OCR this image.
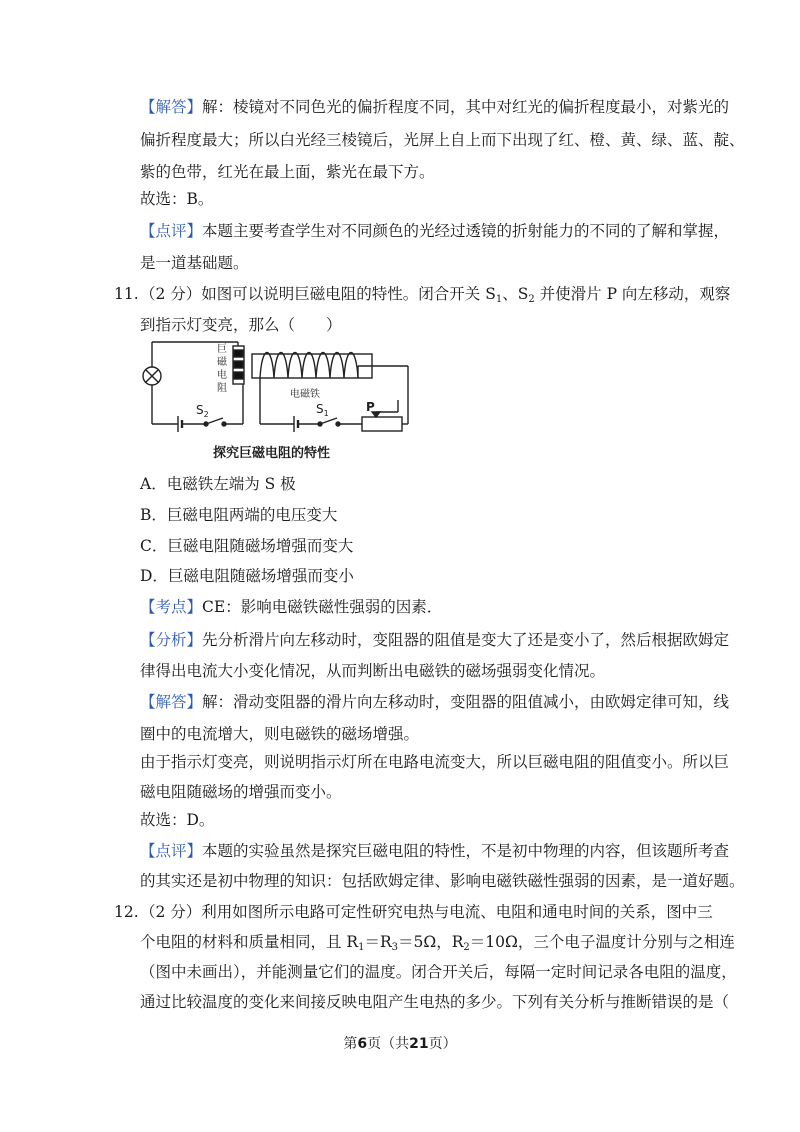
【解答】解：棱镜对不同色光的偏折程度不同，其中对红光的偏折程度最小，对紫光的
偏折程度最大；所以白光经三棱镜后，光屏上自上而下出现了红、橙、黄、绿、蓝、靛、
紫的色带，红光在最上面，紫光在最下方。
故选：B。
【点评】本题主要考查学生对不同颜色的光经过透镜的折射能力的不同的了解和掌握，
是一道基础题。
11. （2 分）如图可以说明巨磁电阻的特性。闭合开关 $S_1$、$S_2$ 并使滑片 P 向左移动，观察
到指示灯变亮，那么（　　）
巨
磁
电
阻
电磁铁
$S_2$	$S_1$	P
探究巨磁电阻的特性
A．电磁铁左端为 S 极
B．巨磁电阻两端的电压变大
C．巨磁电阻随磁场增强而变大
D．巨磁电阻随磁场增强而变小
【考点】CE：影响电磁铁磁性强弱的因素．
【分析】先分析滑片向左移动时，变阻器的阻值是变大了还是变小了，然后根据欧姆定
律得出电流大小变化情况，从而判断出电磁铁的磁场强弱变化情况。
【解答】解：滑动变阻器的滑片向左移动时，变阻器的阻值减小，由欧姆定律可知，线
圈中的电流增大，则电磁铁的磁场增强。
由于指示灯变亮，则说明指示灯所在电路电流变大，所以巨磁电阻的阻值变小。所以巨
磁电阻随磁场的增强而变小。
故选：D。
【点评】本题的实验虽然是探究巨磁电阻的特性，不是初中物理的内容，但该题所考查
的其实还是初中物理的知识：包括欧姆定律、影响电磁铁磁性强弱的因素，是一道好题。
12. （2 分）利用如图所示电路可定性研究电热与电流、电阻和通电时间的关系，图中三
个电阻的材料和质量相同，且 $R_1=R_3=5\Omega$，$R_2=10\Omega$，三个电子温度计分别与之相连
（图中未画出），并能测量它们的温度。闭合开关后，每隔一定时间记录各电阻的温度，
通过比较温度的变化来间接反映电阻产生电热的多少。下列有关分析与推断错误的是（
第6页（共21页）
